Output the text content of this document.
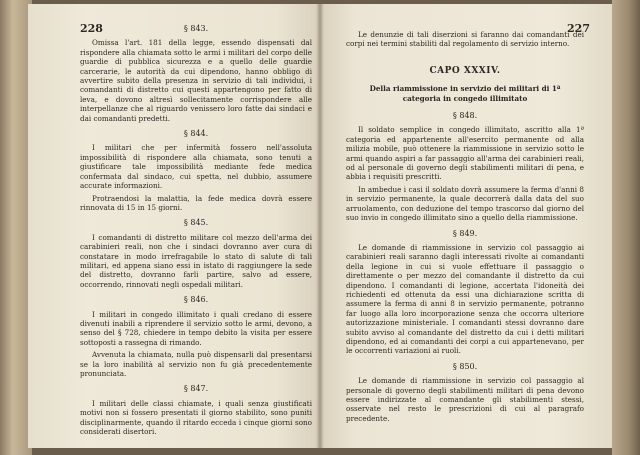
228	§ 843.

Omissa l'art. 181 della legge, essendo dispensati dal rispondere alla chiamata sotto le armi i militari del corpo delle guardie di pubblica sicurezza e a quello delle guardie carcerarie, le autorità da cui dipendono, hanno obbligo di avvertire subito della presenza in servizio di tali individui, i comandanti di distretto cui questi appartengono per fatto di leva, e dovono altresì sollecitamente corrispondere alle interpellanze che al riguardo venissero loro fatte dai sindaci e dai comandanti predetti.

§ 844.

I militari che per infermità fossero nell'assoluta impossibilità di rispondere alla chiamata, sono tenuti a giustificare tale impossibilità mediante fede medica confermata dal sindaco, cui spetta, nel dubbio, assumere accurate informazioni.

Protraendosi la malattia, la fede medica dovrà essere rinnovata di 15 in 15 giorni.

§ 845.

I comandanti di distretto militare col mezzo dell'arma dei carabinieri reali, non che i sindaci dovranno aver cura di constatare in modo irrefragabile lo stato di salute di tali militari, ed appena siano essi in istato di raggiungere la sede del distretto, dovranno farli partire, salvo ad essere, occorrendo, rinnovati negli ospedali militari.

§ 846.

I militari in congedo illimitato i quali credano di essere divenuti inabili a riprendere il servizio sotto le armi, devono, a senso del § 728, chiedere in tempo debito la visita per essere sottoposti a rassegna di rimando.

Avvenuta la chiamata, nulla può dispensarli dal presentarsi se la loro inabilità al servizio non fu già precedentemente pronunciata.

§ 847.

I militari delle classi chiamate, i quali senza giustificati motivi non si fossero presentati il giorno stabilito, sono puniti disciplinarmente, quando il ritardo ecceda i cinque giorni sono considerati disertori.

227

Le denunzie di tali diserzioni si faranno dai comandanti dei corpi nei termini stabiliti dal regolamento di servizio interno.

CAPO XXXIV.
Della riammissione in servizio dei militari di 1ª categoria in congedo illimitato
§ 848.

Il soldato semplice in congedo illimitato, ascritto alla 1ª categoria ed appartenente all'esercito permanente od alla milizia mobile, può ottenere la riammissione in servizio sotto le armi quando aspiri a far passaggio all'arma dei carabinieri reali, od al personale di governo degli stabilimenti militari di pena, e abbia i requisiti prescritti.

In ambedue i casi il soldato dovrà assumere la ferma d'anni 8 in servizio permanente, la quale decorrerà dalla data del suo arruolamento, con deduzione del tempo trascorso dal giorno del suo invio in congedo illimitato sino a quello della riammissione.

§ 849.

Le domande di riammissione in servizio col passaggio ai carabinieri reali saranno dagli interessati rivolte ai comandanti della legione in cui si vuole effettuare il passaggio o direttamente o per mezzo del comandante il distretto da cui dipendono. I comandanti di legione, accertata l'idoneità dei richiedenti ed ottenuta da essi una dichiarazione scritta di assumere la ferma di anni 8 in servizio permanente, potranno far luogo alla loro incorporazione senza che occorra ulteriore autorizzazione ministeriale. I comandanti stessi dovranno dare subito avviso al comandante del distretto da cui i detti militari dipendono, ed ai comandanti dei corpi a cui appartenevano, per le occorrenti variazioni ai ruoli.

§ 850.

Le domande di riammissione in servizio col passaggio al personale di governo degli stabilimenti militari di pena devono essere indirizzate al comandante gli stabilimenti stessi, osservate nel resto le prescrizioni di cui al paragrafo precedente.
